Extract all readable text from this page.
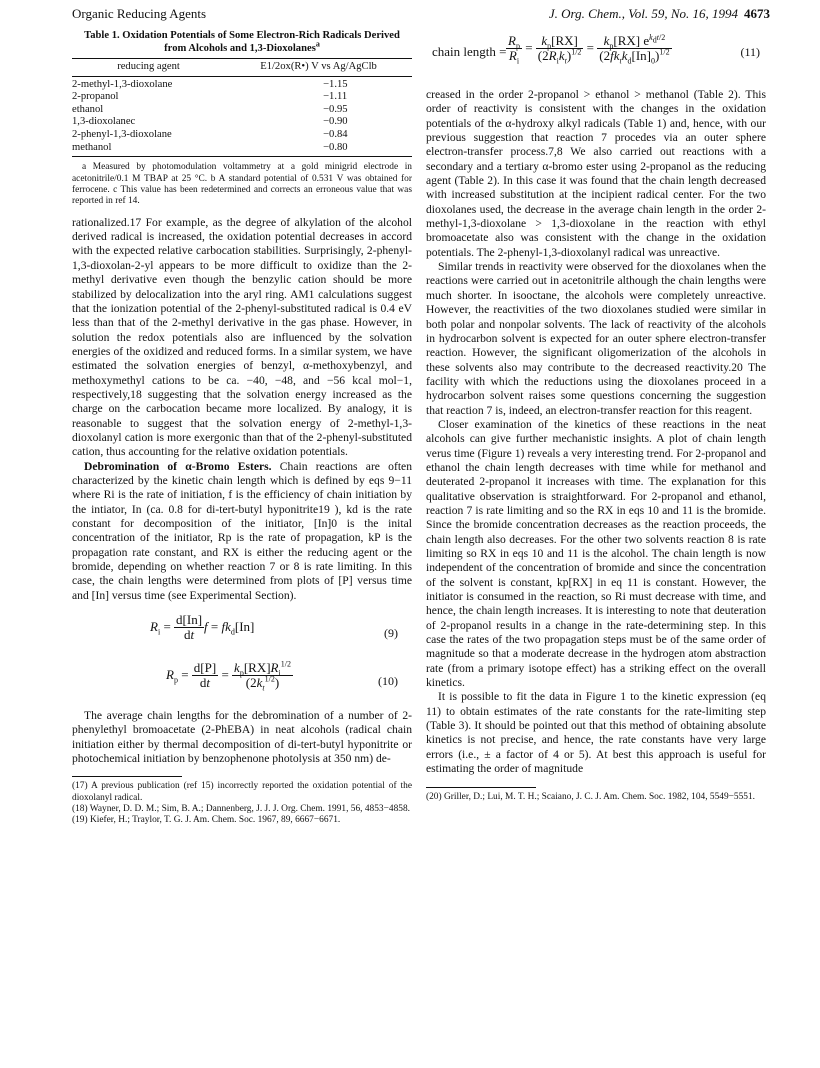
Organic Reducing Agents	J. Org. Chem., Vol. 59, No. 16, 1994 4673
Table 1. Oxidation Potentials of Some Electron-Rich Radicals Derived from Alcohols and 1,3-Dioxolanes$^a$
reducing agent	E1/2ox(R•) V vs Ag/AgClb
2-methyl-1,3-dioxolane	−1.15
2-propanol	−1.11
ethanol	−0.95
1,3-dioxolanec	−0.90
2-phenyl-1,3-dioxolane	−0.84
methanol	−0.80
a Measured by photomodulation voltammetry at a gold minigrid electrode in acetonitrile/0.1 M TBAP at 25 °C. b A standard potential of 0.531 V was obtained for ferrocene. c This value has been redetermined and corrects an erroneous value that was reported in ref 14.

rationalized.17 For example, as the degree of alkylation of the alcohol derived radical is increased, the oxidation potential decreases in accord with the expected relative carbocation stabilities. Surprisingly, 2-phenyl-1,3-dioxolan-2-yl appears to be more difficult to oxidize than the 2-methyl derivative even though the benzylic cation should be more stabilized by delocalization into the aryl ring. AM1 calculations suggest that the ionization potential of the 2-phenyl-substituted radical is 0.4 eV less than that of the 2-methyl derivative in the gas phase. However, in solution the redox potentials also are influenced by the solvation energies of the oxidized and reduced forms. In a similar system, we have estimated the solvation energies of benzyl, α-methoxybenzyl, and methoxymethyl cations to be ca. −40, −48, and −56 kcal mol−1, respectively,18 suggesting that the solvation energy increased as the charge on the carbocation became more localized. By analogy, it is reasonable to suggest that the solvation energy of 2-methyl-1,3-dioxolanyl cation is more exergonic than that of the 2-phenyl-substituted cation, thus accounting for the relative oxidation potentials.

Debromination of α-Bromo Esters. Chain reactions are often characterized by the kinetic chain length which is defined by eqs 9−11 where Ri is the rate of initiation, f is the efficiency of chain initiation by the intiator, In (ca. 0.8 for di-tert-butyl hyponitrite19 ), kd is the rate constant for decomposition of the initiator, [In]0 is the inital concentration of the initiator, Rp is the rate of propagation, kP is the propagation rate constant, and RX is either the reducing agent or the bromide, depending on whether reaction 7 or 8 is rate limiting. In this case, the chain lengths were determined from plots of [P] versus time and [In] versus time (see Experimental Section).

$R_i = \frac{d[In]}{dt}$ $f = fk_d[In]$	(9)
$R_p = \frac{d[P]}{dt} = \frac{k_p[RX]R_i^{1/2}}{(2k_t^{1/2})}$	(10)

The average chain lengths for the debromination of a number of 2-phenylethyl bromoacetate (2-PhEBA) in neat alcohols (radical chain initiation either by thermal decomposition of di-tert-butyl hyponitrite or photochemical initiation by benzophenone photolysis at 350 nm) de-

(17) A previous publication (ref 15) incorrectly reported the oxidation potential of the dioxolanyl radical.
(18) Wayner, D. D. M.; Sim, B. A.; Dannenberg, J. J. J. Org. Chem. 1991, 56, 4853−4858.
(19) Kiefer, H.; Traylor, T. G. J. Am. Chem. Soc. 1967, 89, 6667−6671.
chain length = $\frac{R_p}{R_i} = \frac{k_p[RX]}{(2R_ik_t)^{1/2}} = \frac{k_p[RX] e^{k_dt/2}}{(2fk_tk_d[In]_0)^{1/2}}$	(11)

creased in the order 2-propanol > ethanol > methanol (Table 2). This order of reactivity is consistent with the changes in the oxidation potentials of the α-hydroxy alkyl radicals (Table 1) and, hence, with our previous suggestion that reaction 7 procedes via an outer sphere electron-transfer process.7,8 We also carried out reactions with a secondary and a tertiary α-bromo ester using 2-propanol as the reducing agent (Table 2). In this case it was found that the chain length decreased with increased substitution at the incipient radical center. For the two dioxolanes used, the decrease in the average chain length in the order 2-methyl-1,3-dioxolane > 1,3-dioxolane in the reaction with ethyl bromoacetate also was consistent with the change in the oxidation potentials. The 2-phenyl-1,3-dioxolanyl radical was unreactive.

Similar trends in reactivity were observed for the dioxolanes when the reactions were carried out in acetonitrile although the chain lengths were much shorter. In isooctane, the alcohols were completely unreactive. However, the reactivities of the two dioxolanes studied were similar in both polar and nonpolar solvents. The lack of reactivity of the alcohols in hydrocarbon solvent is expected for an outer sphere electron-transfer reaction. However, the significant oligomerization of the alcohols in these solvents also may contribute to the decreased reactivity.20 The facility with which the reductions using the dioxolanes proceed in a hydrocarbon solvent raises some questions concerning the suggestion that reaction 7 is, indeed, an electron-transfer reaction for this reagent.

Closer examination of the kinetics of these reactions in the neat alcohols can give further mechanistic insights. A plot of chain length verus time (Figure 1) reveals a very interesting trend. For 2-propanol and ethanol the chain length decreases with time while for methanol and deuterated 2-propanol it increases with time. The explanation for this qualitative observation is straightforward. For 2-propanol and ethanol, reaction 7 is rate limiting and so the RX in eqs 10 and 11 is the bromide. Since the bromide concentration decreases as the reaction proceeds, the chain length also decreases. For the other two solvents reaction 8 is rate limiting so RX in eqs 10 and 11 is the alcohol. The chain length is now independent of the concentration of bromide and since the concentration of the solvent is constant, kp[RX] in eq 11 is constant. However, the initiator is consumed in the reaction, so Ri must decrease with time, and hence, the chain length increases. It is interesting to note that deuteration of 2-propanol results in a change in the rate-determining step. In this case the rates of the two propagation steps must be of the same order of magnitude so that a moderate decrease in the hydrogen atom abstraction rate (from a primary isotope effect) has a striking effect on the overall kinetics.

It is possible to fit the data in Figure 1 to the kinetic expression (eq 11) to obtain estimates of the rate constants for the rate-limiting step (Table 3). It should be pointed out that this method of obtaining absolute kinetics is not precise, and hence, the rate constants have very large errors (i.e., ± a factor of 4 or 5). At best this approach is useful for estimating the order of magnitude

(20) Griller, D.; Lui, M. T. H.; Scaiano, J. C. J. Am. Chem. Soc. 1982, 104, 5549−5551.
